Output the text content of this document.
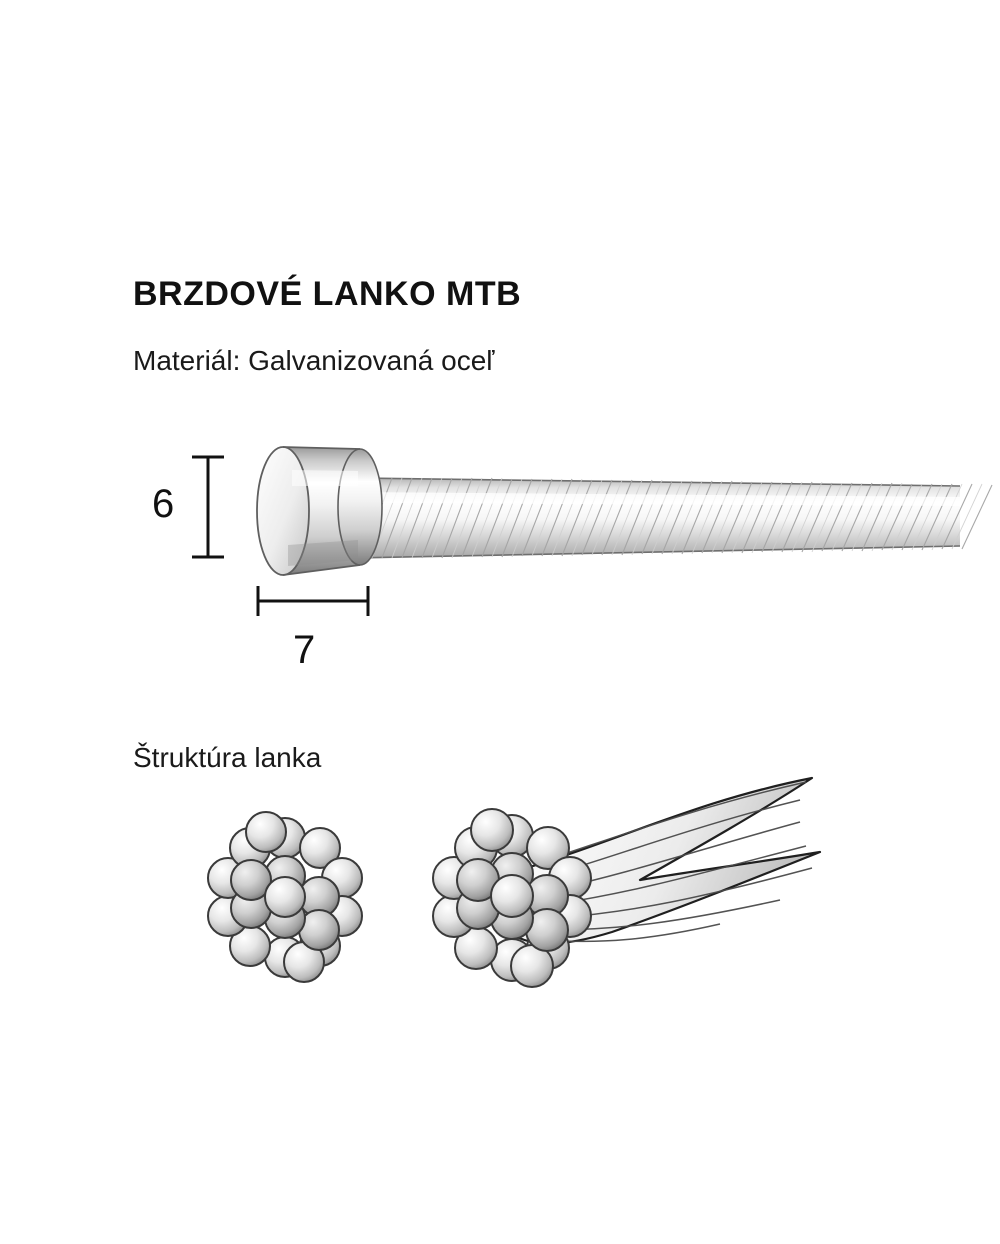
BRZDOVÉ LANKO MTB
Materiál: Galvanizovaná oceľ
6
7
Štruktúra lanka
